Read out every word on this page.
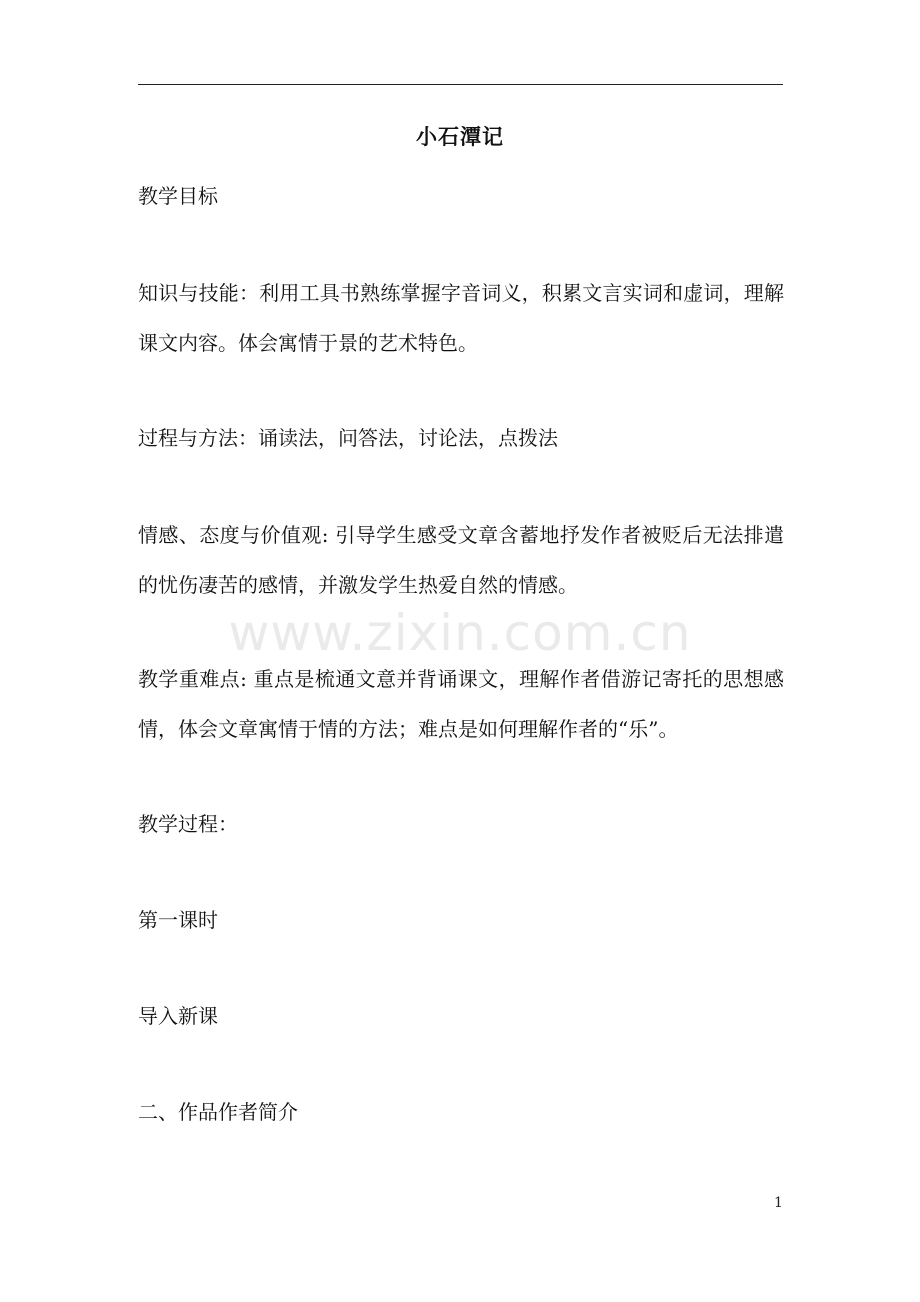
小石潭记

教学目标

知识与技能：利用工具书熟练掌握字音词义，积累文言实词和虚词，理解课文内容。体会寓情于景的艺术特色。

过程与方法：诵读法，问答法，讨论法，点拨法

情感、态度与价值观: 引导学生感受文章含蓄地抒发作者被贬后无法排遣的忧伤凄苦的感情，并激发学生热爱自然的情感。

教学重难点: 重点是梳通文意并背诵课文，理解作者借游记寄托的思想感情，体会文章寓情于情的方法；难点是如何理解作者的“乐”。

教学过程：

第一课时

导入新课

二、作品作者简介

www.zixin.com.cn
1
